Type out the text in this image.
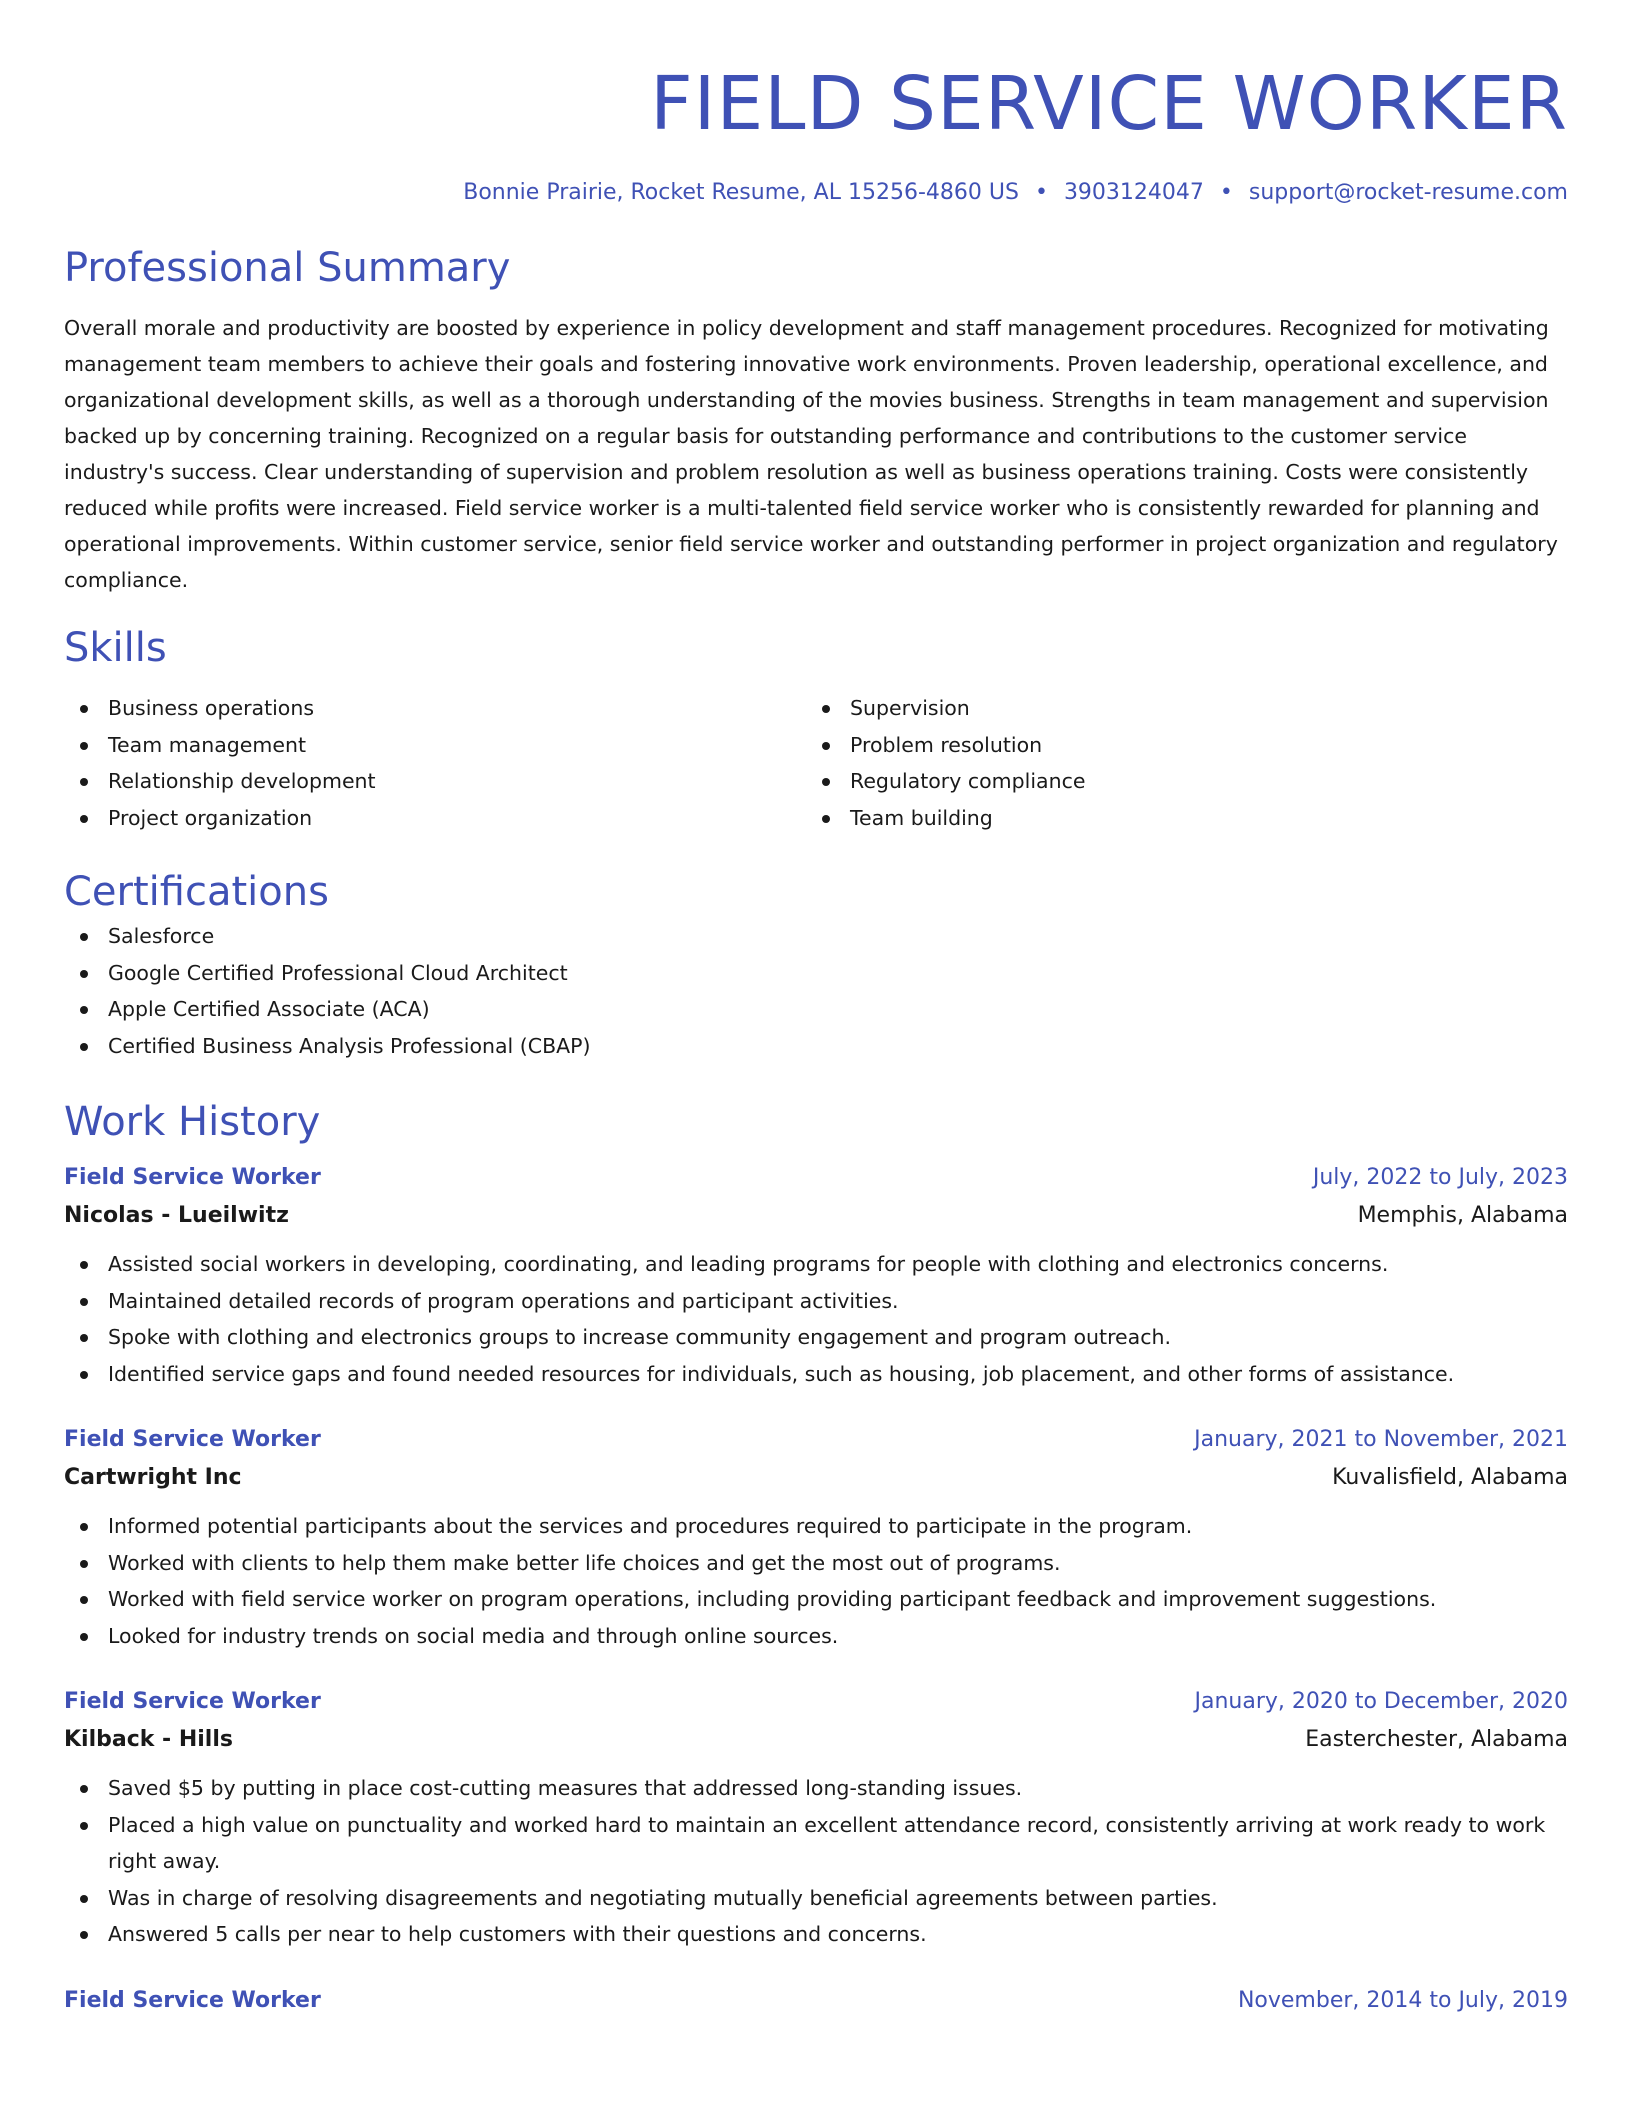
FIELD SERVICE WORKER
Bonnie Prairie, Rocket Resume, AL 15256-4860 US • 3903124047 • support@rocket-resume.com
Professional Summary

Overall morale and productivity are boosted by experience in policy development and staff management procedures. Recognized for motivating management team members to achieve their goals and fostering innovative work environments. Proven leadership, operational excellence, and organizational development skills, as well as a thorough understanding of the movies business. Strengths in team management and supervision backed up by concerning training. Recognized on a regular basis for outstanding performance and contributions to the customer service industry's success. Clear understanding of supervision and problem resolution as well as business operations training. Costs were consistently reduced while profits were increased. Field service worker is a multi-talented field service worker who is consistently rewarded for planning and operational improvements. Within customer service, senior field service worker and outstanding performer in project organization and regulatory compliance.

Skills
Business operations
Team management
Relationship development
Project organization
Supervision
Problem resolution
Regulatory compliance
Team building
Certifications
Salesforce
Google Certified Professional Cloud Architect
Apple Certified Associate (ACA)
Certified Business Analysis Professional (CBAP)
Work History
Field Service Worker	July, 2022 to July, 2023
Nicolas - Lueilwitz	Memphis, Alabama
Assisted social workers in developing, coordinating, and leading programs for people with clothing and electronics concerns.
Maintained detailed records of program operations and participant activities.
Spoke with clothing and electronics groups to increase community engagement and program outreach.
Identified service gaps and found needed resources for individuals, such as housing, job placement, and other forms of assistance.
Field Service Worker	January, 2021 to November, 2021
Cartwright Inc	Kuvalisfield, Alabama
Informed potential participants about the services and procedures required to participate in the program.
Worked with clients to help them make better life choices and get the most out of programs.
Worked with field service worker on program operations, including providing participant feedback and improvement suggestions.
Looked for industry trends on social media and through online sources.
Field Service Worker	January, 2020 to December, 2020
Kilback - Hills	Easterchester, Alabama
Saved $5 by putting in place cost-cutting measures that addressed long-standing issues.
Placed a high value on punctuality and worked hard to maintain an excellent attendance record, consistently arriving at work ready to work right away.
Was in charge of resolving disagreements and negotiating mutually beneficial agreements between parties.
Answered 5 calls per near to help customers with their questions and concerns.
Field Service Worker	November, 2014 to July, 2019
